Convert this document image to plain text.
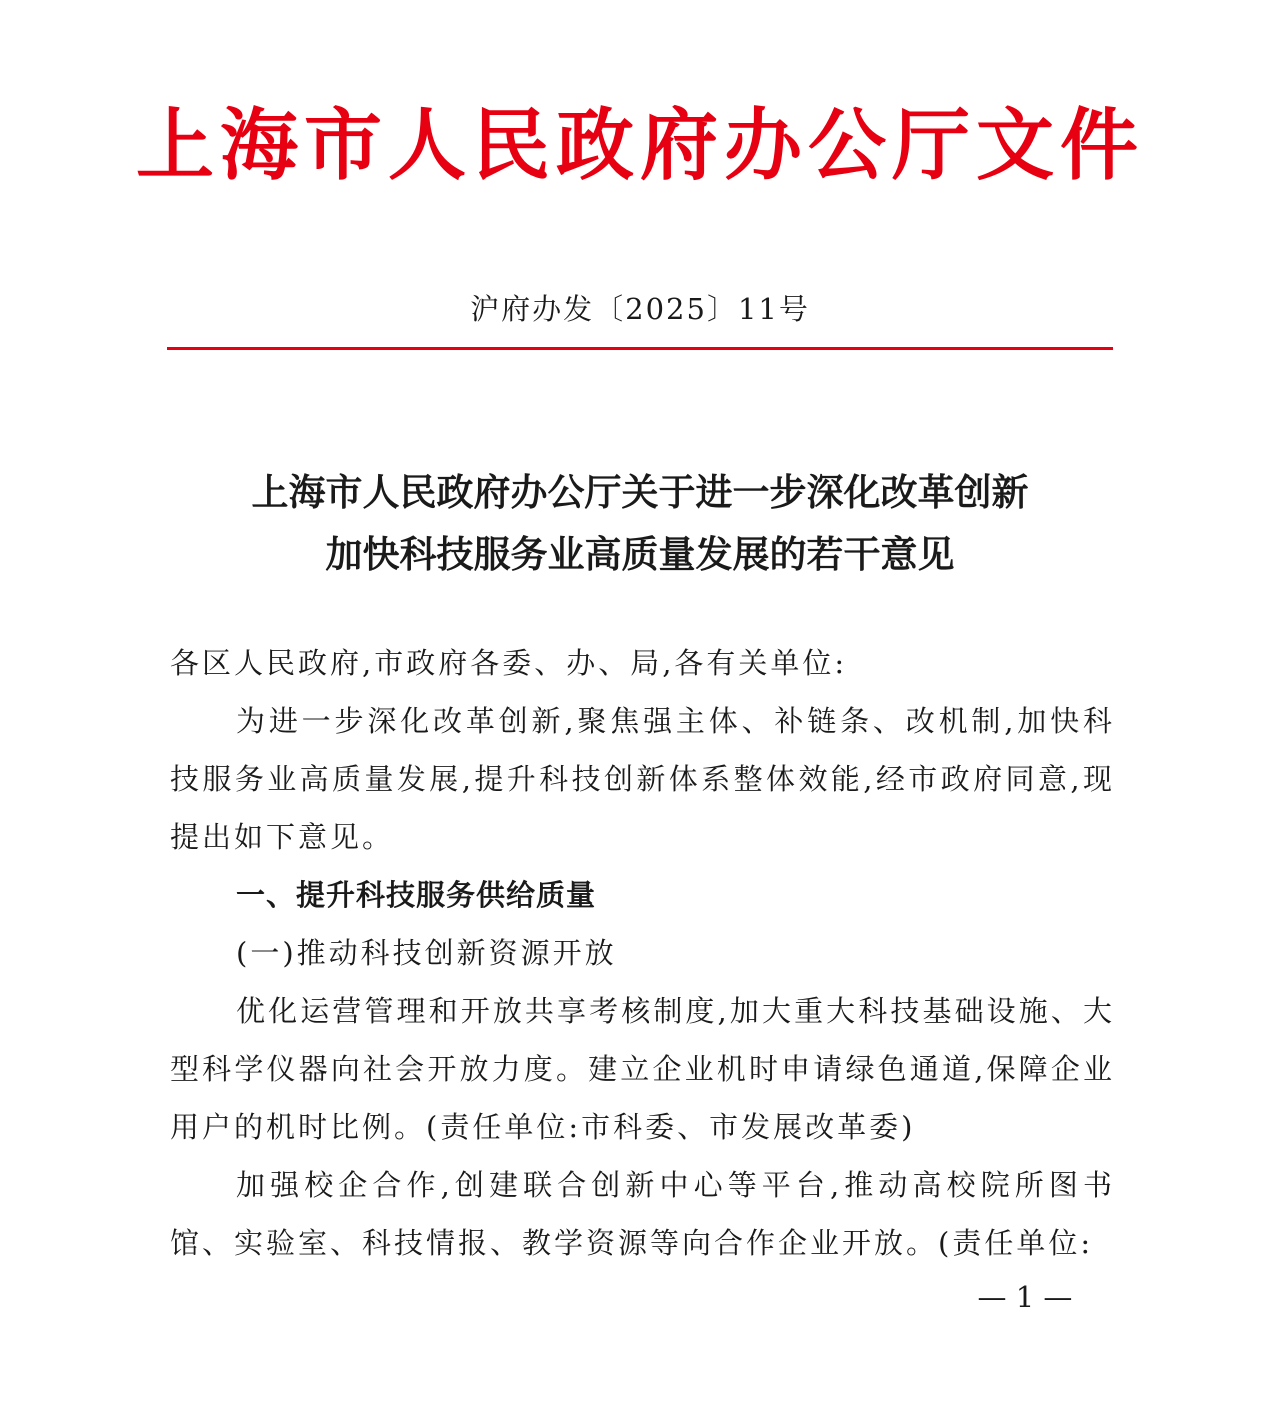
上海市人民政府办公厅文件
沪府办发〔2025〕11号
上海市人民政府办公厅关于进一步深化改革创新
加快科技服务业高质量发展的若干意见

各区人民政府,市政府各委、办、局,各有关单位:

为进一步深化改革创新,聚焦强主体、补链条、改机制,加快科技服务业高质量发展,提升科技创新体系整体效能,经市政府同意,现提出如下意见。

一、提升科技服务供给质量

(一)推动科技创新资源开放

优化运营管理和开放共享考核制度,加大重大科技基础设施、大型科学仪器向社会开放力度。建立企业机时申请绿色通道,保障企业用户的机时比例。(责任单位:市科委、市发展改革委)

加强校企合作,创建联合创新中心等平台,推动高校院所图书馆、实验室、科技情报、教学资源等向合作企业开放。(责任单位:

— 1 —
